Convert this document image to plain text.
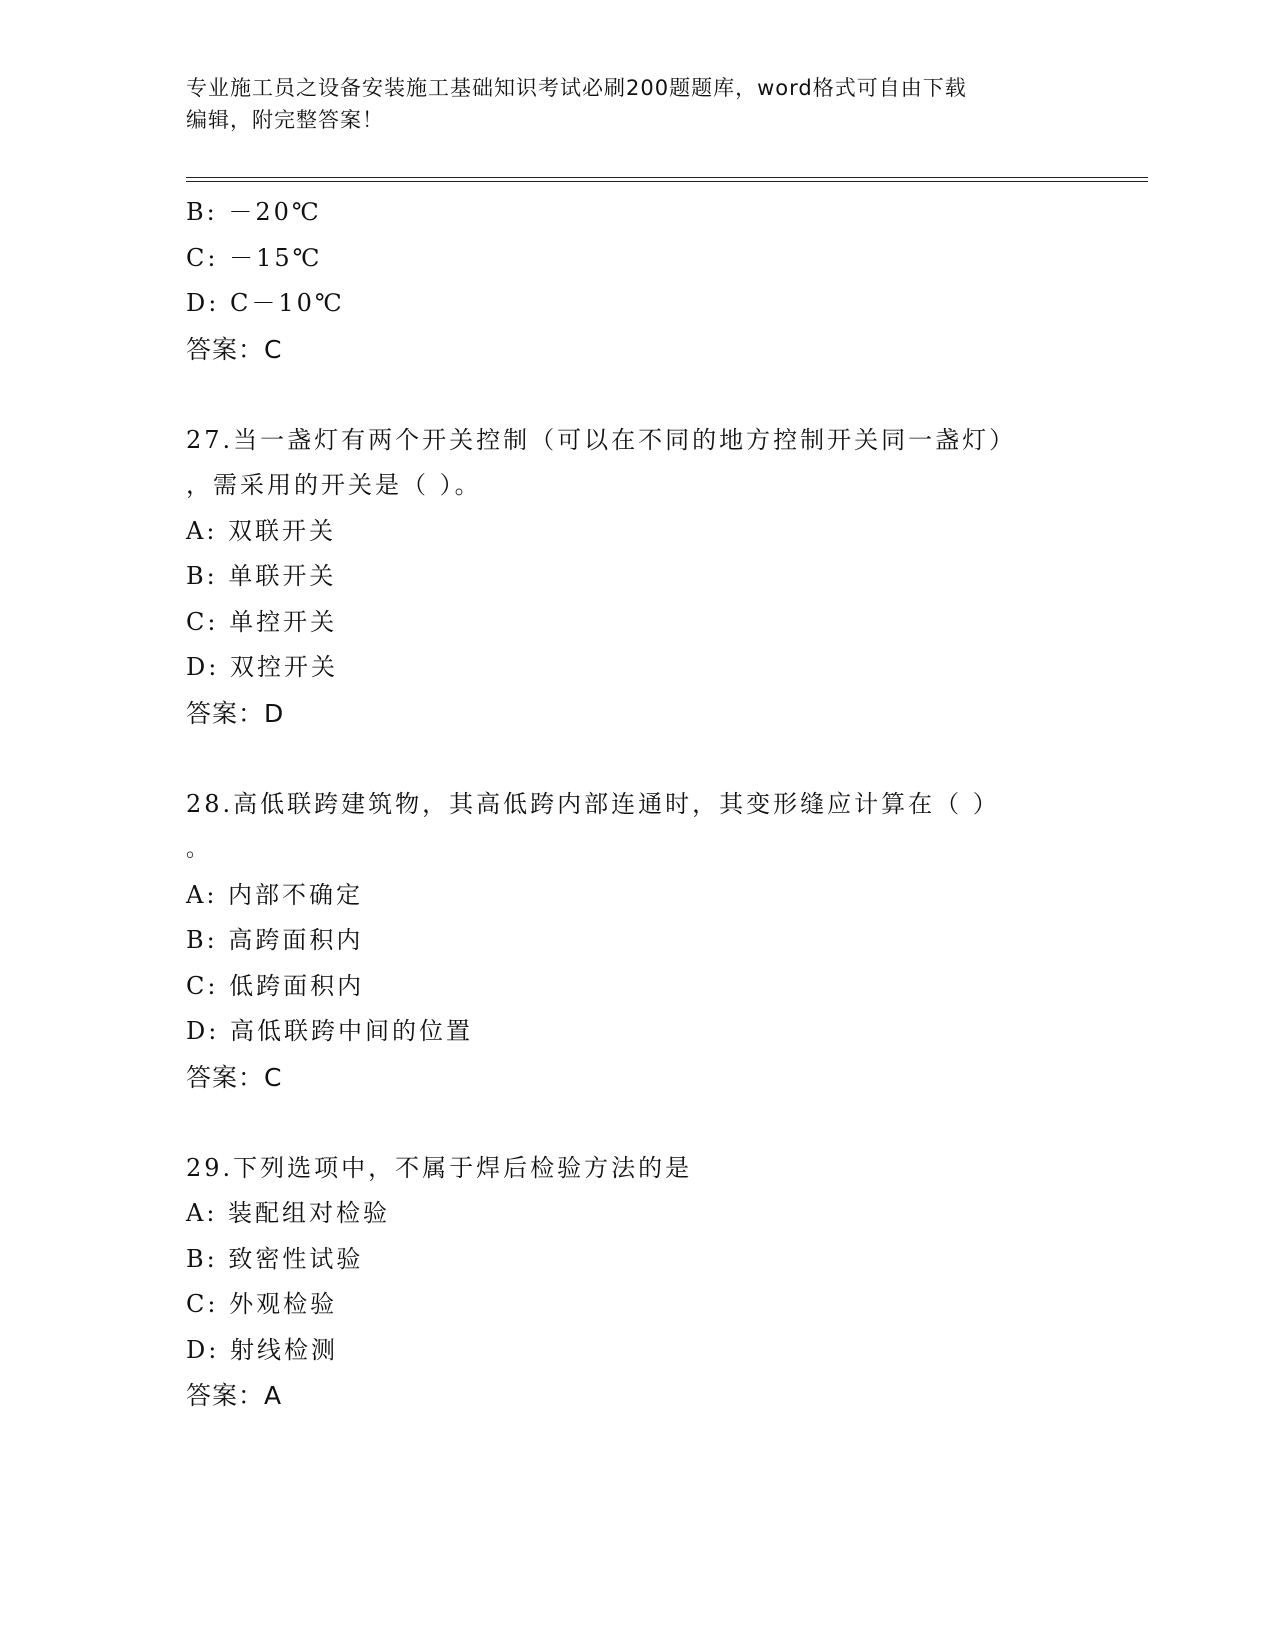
专业施工员之设备安装施工基础知识考试必刷200题题库，word格式可自由下载
编辑，附完整答案！
B: －20℃
C: －15℃
D: C－10℃
答案：C
27.当一盏灯有两个开关控制（可以在不同的地方控制开关同一盏灯）
，需采用的开关是（ ）。
A: 双联开关
B: 单联开关
C: 单控开关
D: 双控开关
答案：D
28.高低联跨建筑物，其高低跨内部连通时，其变形缝应计算在（ ）
。
A: 内部不确定
B: 高跨面积内
C: 低跨面积内
D: 高低联跨中间的位置
答案：C
29.下列选项中，不属于焊后检验方法的是
A: 装配组对检验
B: 致密性试验
C: 外观检验
D: 射线检测
答案：A
